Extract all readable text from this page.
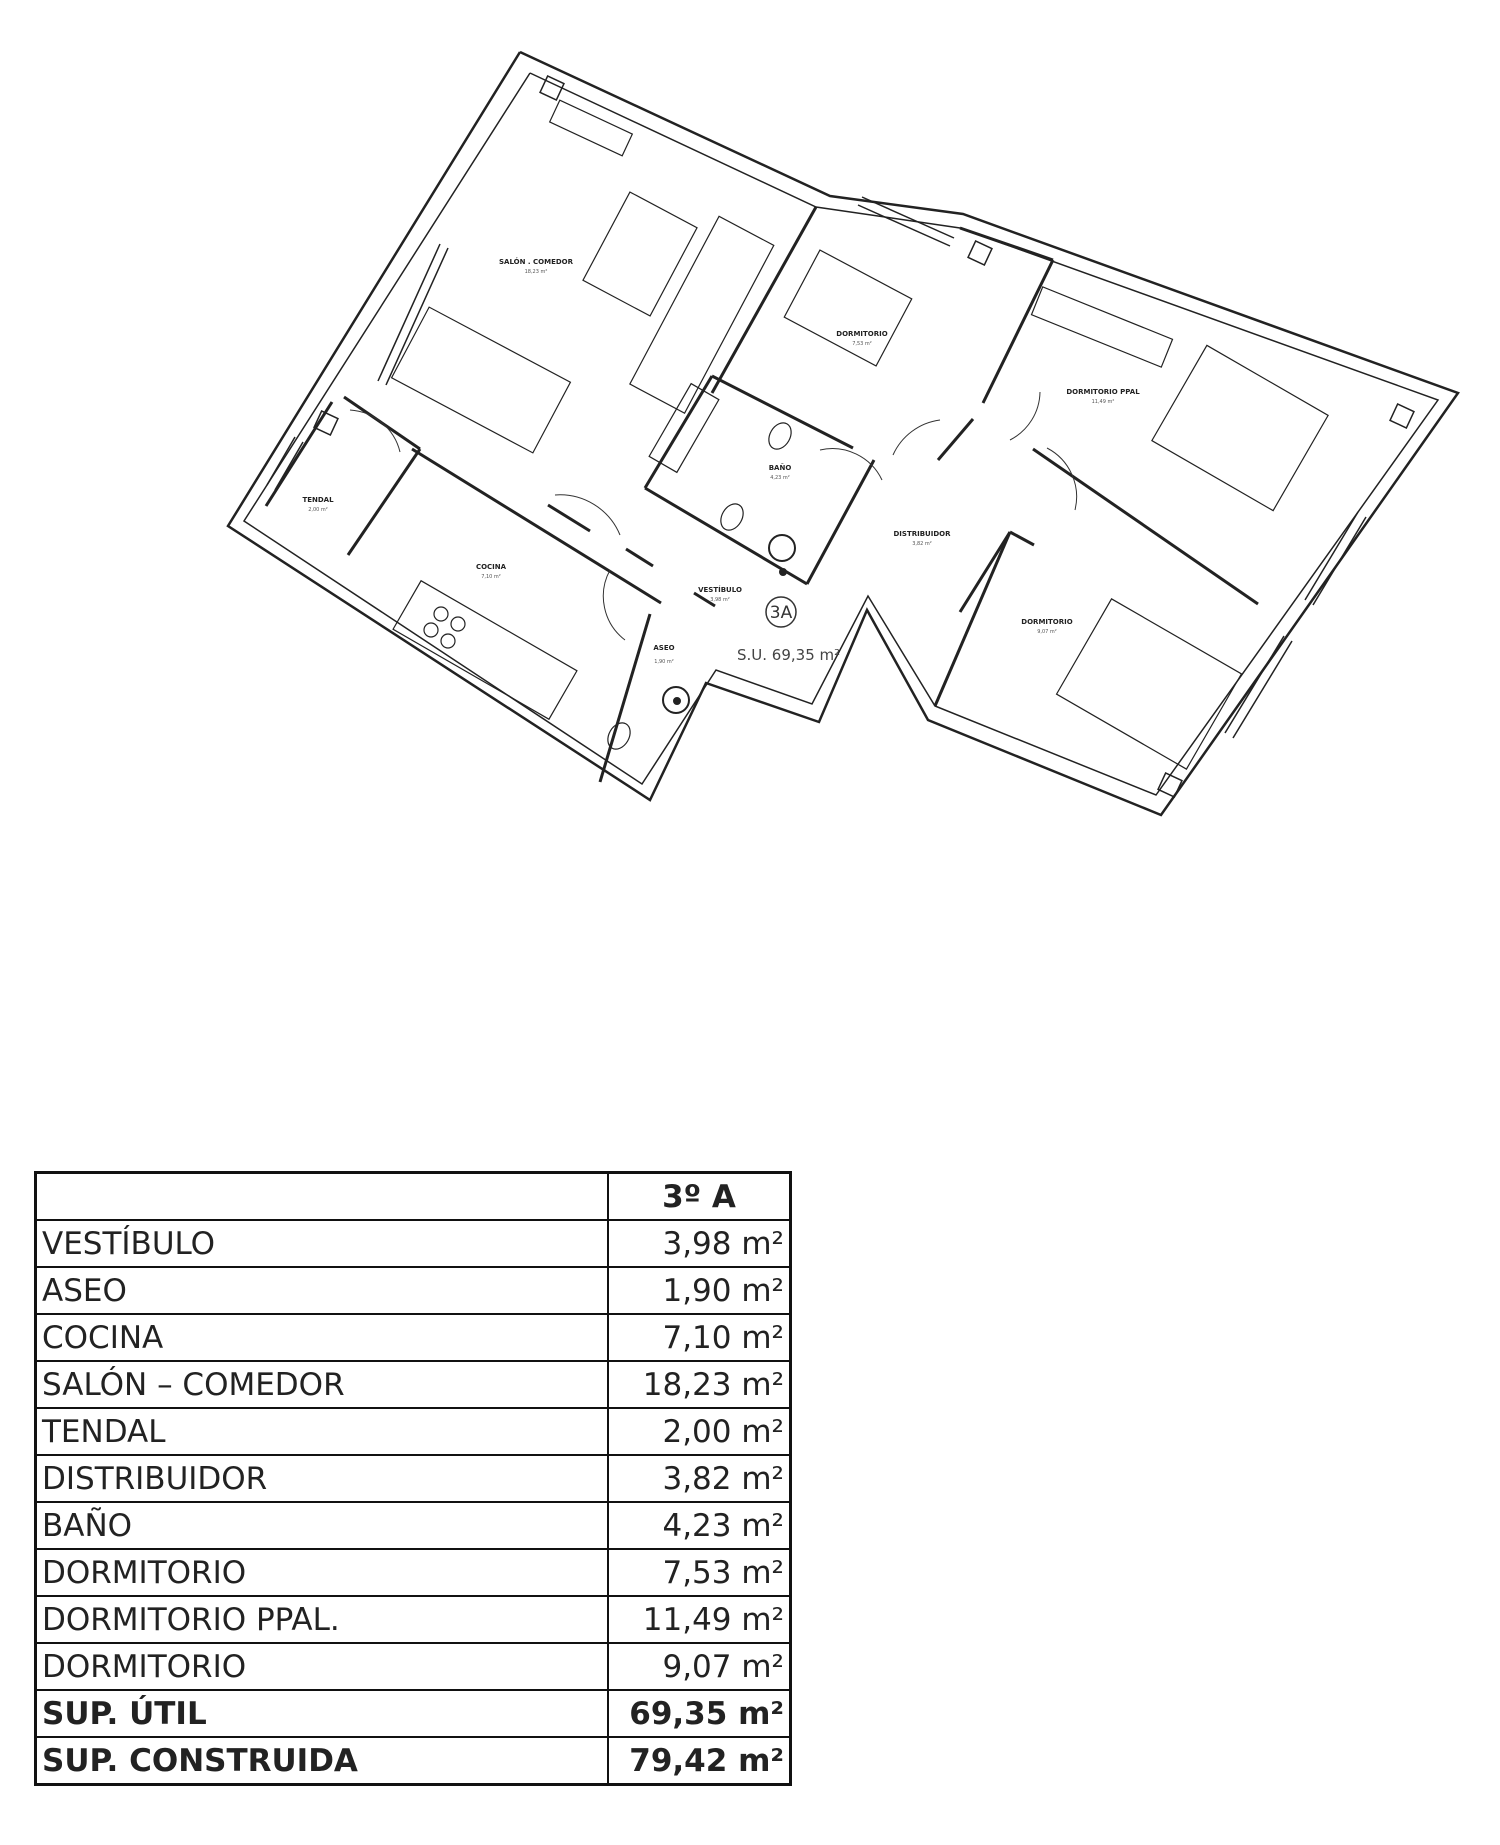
SALÓN . COMEDOR
18,23 m²
DORMITORIO
7,53 m²
DORMITORIO PPAL
11,49 m²
BAÑO
4,23 m²
DISTRIBUIDOR
3,82 m²
TENDAL
2,00 m²
COCINA
7,10 m²
VESTÍBULO
3,98 m²
ASEO
1,90 m²
DORMITORIO
9,07 m²
3A
S.U. 69,35 m²
	3º A
VESTÍBULO	3,98 m²
ASEO	1,90 m²
COCINA	7,10 m²
SALÓN – COMEDOR	18,23 m²
TENDAL	2,00 m²
DISTRIBUIDOR	3,82 m²
BAÑO	4,23 m²
DORMITORIO	7,53 m²
DORMITORIO PPAL.	11,49 m²
DORMITORIO	9,07 m²
SUP. ÚTIL	69,35 m²
SUP. CONSTRUIDA	79,42 m²
